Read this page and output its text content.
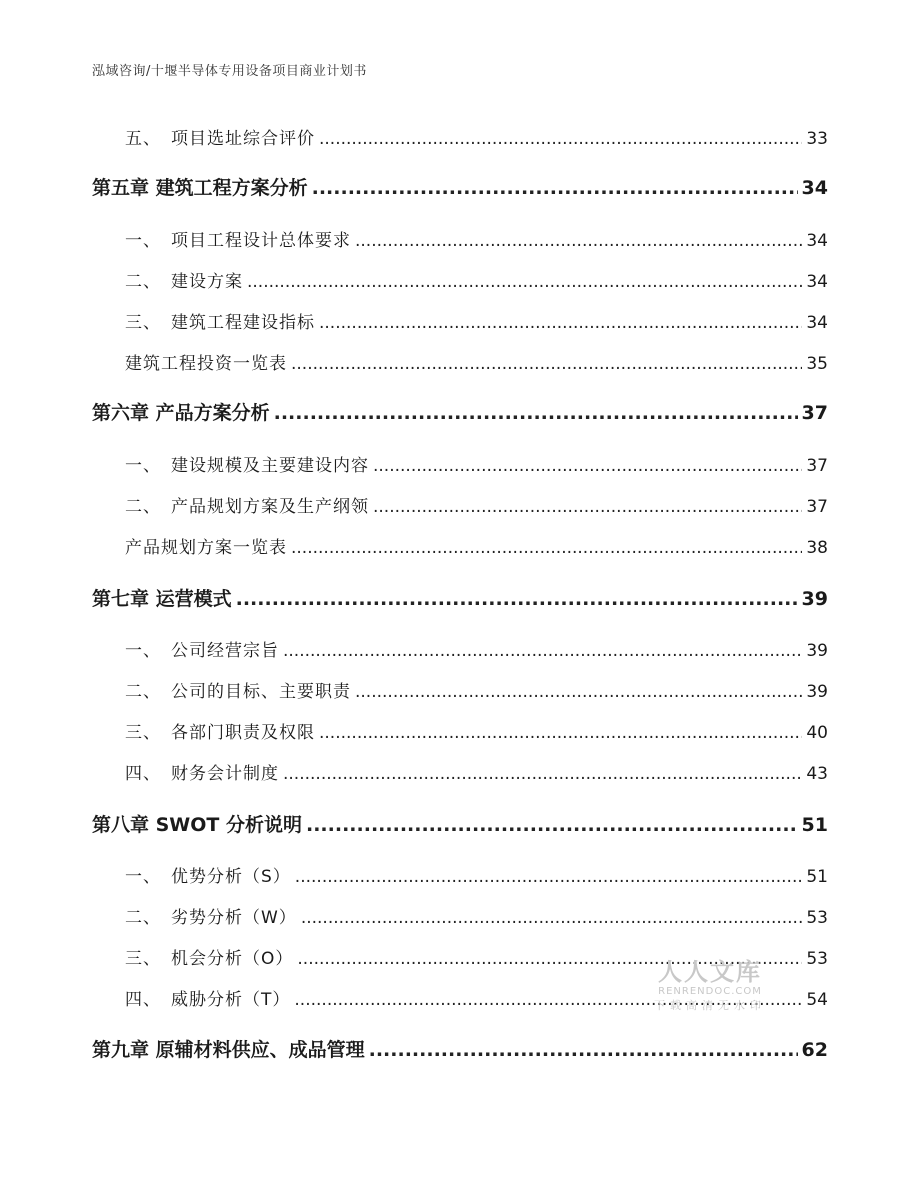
泓域咨询/十堰半导体专用设备项目商业计划书
五、 项目选址综合评价 .....	33
第五章 建筑工程方案分析 .....	34
一、 项目工程设计总体要求 .....	34
二、 建设方案 .....	34
三、 建筑工程建设指标 .....	34
建筑工程投资一览表 .....	35
第六章 产品方案分析 .....	37
一、 建设规模及主要建设内容 .....	37
二、 产品规划方案及生产纲领 .....	37
产品规划方案一览表 .....	38
第七章 运营模式 .....	39
一、 公司经营宗旨 .....	39
二、 公司的目标、主要职责 .....	39
三、 各部门职责及权限 .....	40
四、 财务会计制度 .....	43
第八章 SWOT 分析说明 .....	51
一、 优势分析（S） .....	51
二、 劣势分析（W） .....	53
三、 机会分析（O） .....	53
四、 威胁分析（T） .....	54
第九章 原辅材料供应、成品管理 .....	62
人人文库
RENRENDOC.COM
下载高清无水印
